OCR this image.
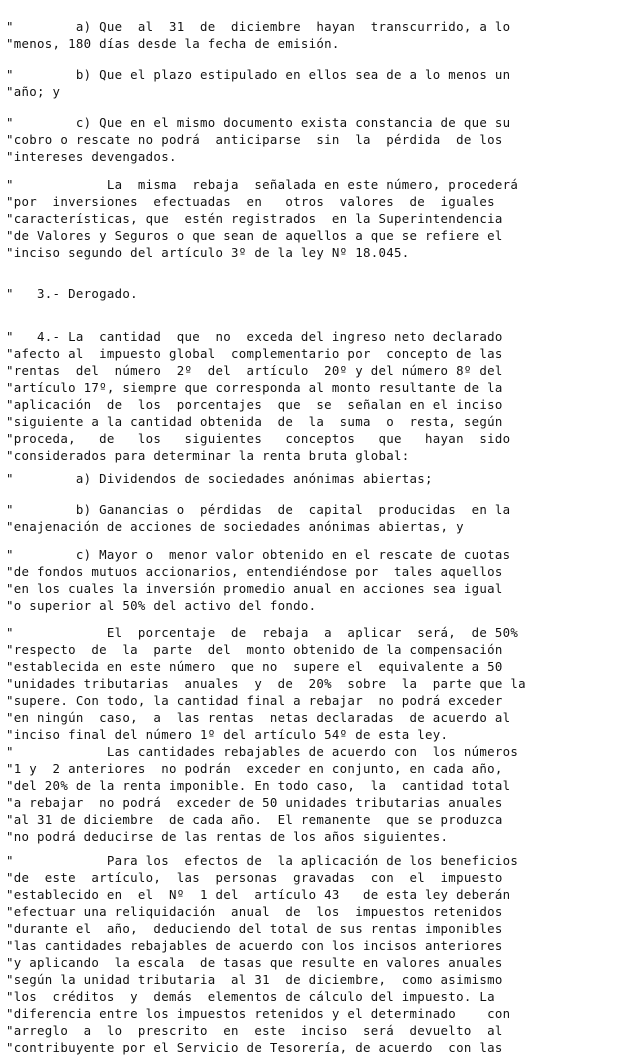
"        a) Que  al  31  de  diciembre  hayan  transcurrido, a lo
"menos, 180 días desde la fecha de emisión.
"        b) Que el plazo estipulado en ellos sea de a lo menos un
"año; y
"        c) Que en el mismo documento exista constancia de que su
"cobro o rescate no podrá  anticiparse  sin  la  pérdida  de los
"intereses devengados.
"            La  misma  rebaja  señalada en este número, procederá
"por  inversiones  efectuadas  en   otros  valores  de  iguales
"características, que  estén registrados  en la Superintendencia
"de Valores y Seguros o que sean de aquellos a que se refiere el
"inciso segundo del artículo 3º de la ley Nº 18.045.
"   3.- Derogado.
"   4.- La  cantidad  que  no  exceda del ingreso neto declarado
"afecto al  impuesto global  complementario por  concepto de las
"rentas  del  número  2º  del  artículo  20º y del número 8º del
"artículo 17º, siempre que corresponda al monto resultante de la
"aplicación  de  los  porcentajes  que  se  señalan en el inciso
"siguiente a la cantidad obtenida  de  la  suma  o  resta, según
"proceda,   de   los   siguientes   conceptos   que   hayan  sido
"considerados para determinar la renta bruta global:
"        a) Dividendos de sociedades anónimas abiertas;
"        b) Ganancias o  pérdidas  de  capital  producidas  en la
"enajenación de acciones de sociedades anónimas abiertas, y
"        c) Mayor o  menor valor obtenido en el rescate de cuotas
"de fondos mutuos accionarios, entendiéndose por  tales aquellos
"en los cuales la inversión promedio anual en acciones sea igual
"o superior al 50% del activo del fondo.
"            El  porcentaje  de  rebaja  a  aplicar  será,  de 50%
"respecto  de  la  parte  del  monto obtenido de la compensación
"establecida en este número  que no  supere el  equivalente a 50
"unidades tributarias  anuales  y  de  20%  sobre  la  parte que la
"supere. Con todo, la cantidad final a rebajar  no podrá exceder
"en ningún  caso,  a  las rentas  netas declaradas  de acuerdo al
"inciso final del número 1º del artículo 54º de esta ley.
"            Las cantidades rebajables de acuerdo con  los números
"1 y  2 anteriores  no podrán  exceder en conjunto, en cada año,
"del 20% de la renta imponible. En todo caso,  la  cantidad total
"a rebajar  no podrá  exceder de 50 unidades tributarias anuales
"al 31 de diciembre  de cada año.  El remanente  que se produzca
"no podrá deducirse de las rentas de los años siguientes.
"            Para los  efectos de  la aplicación de los beneficios
"de  este  artículo,  las  personas  gravadas  con  el  impuesto
"establecido en  el  Nº  1 del  artículo 43   de esta ley deberán
"efectuar una reliquidación  anual  de  los  impuestos retenidos
"durante el  año,  deduciendo del total de sus rentas imponibles
"las cantidades rebajables de acuerdo con los incisos anteriores
"y aplicando  la escala  de tasas que resulte en valores anuales
"según la unidad tributaria  al 31  de diciembre,  como asimismo
"los  créditos  y  demás  elementos de cálculo del impuesto. La
"diferencia entre los impuestos retenidos y el determinado    con
"arreglo  a  lo  prescrito  en  este  inciso  será  devuelto  al
"contribuyente por el Servicio de Tesorería, de acuerdo  con las
